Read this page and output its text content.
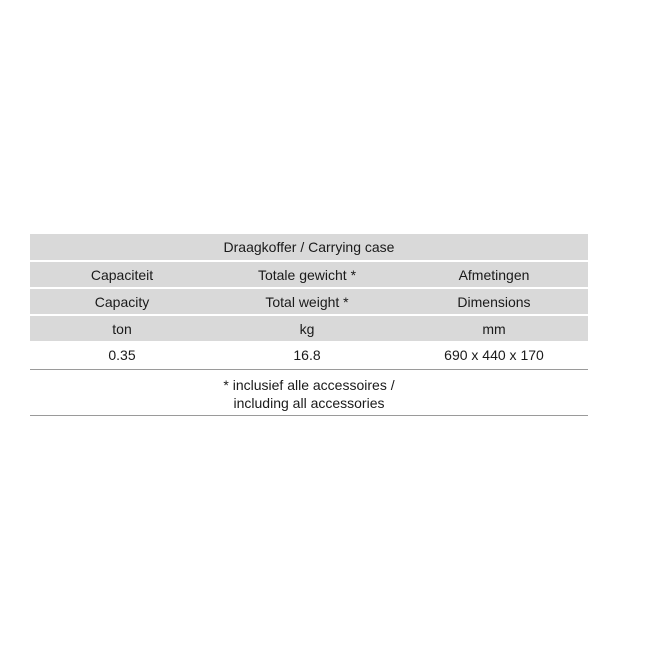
Draagkoffer / Carrying case
Capaciteit	Totale gewicht *	Afmetingen
Capacity	Total weight *	Dimensions
ton	kg	mm
0.35	16.8	690 x 440 x 170
* inclusief alle accessoires /
including all accessories
